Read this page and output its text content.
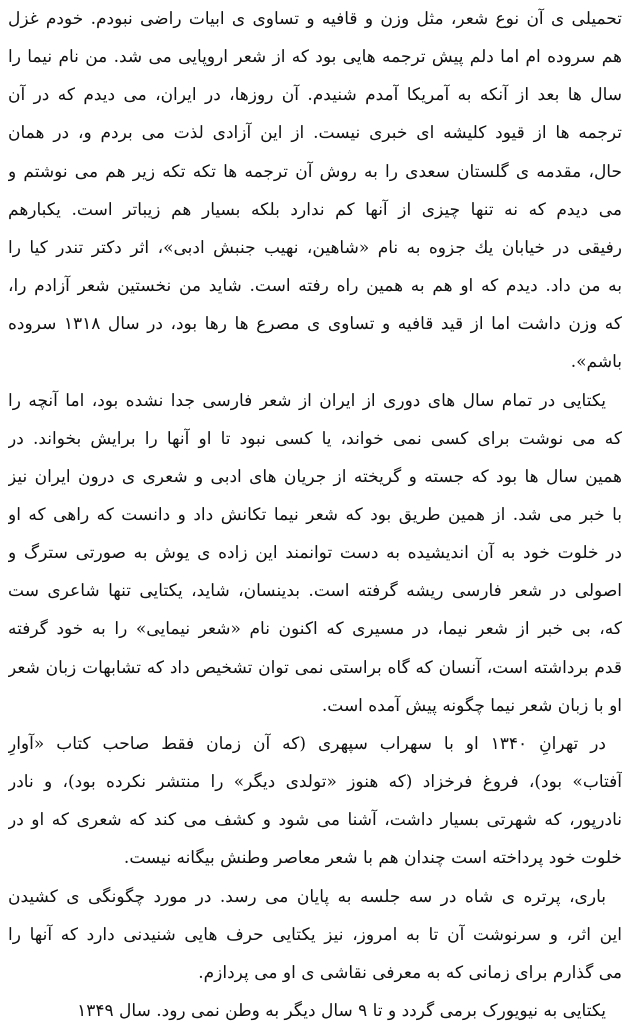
تحمیلی ی آن نوع شعر، مثل وزن و قافیه و تساوی ی ابیات راضی نبودم. خودم غزل
هم سروده ام اما دلم پیش ترجمه هایی بود که از شعر اروپایی می شد. من نام نیما را
سال ها بعد از آنکه به آمریکا آمدم شنیدم. آن روزها، در ایران، می دیدم که در آن
ترجمه ها از قیود کلیشه ای خبری نیست. از این آزادی لذت می بردم و، در همان
حال، مقدمه ی گلستان سعدی را به روش آن ترجمه ها تکه تکه زیر هم می نوشتم و
می دیدم که نه تنها چیزی از آنها کم ندارد بلکه بسیار هم زیباتر است. یکبارهم
رفیقی در خیابان یك جزوه به نام «شاهین، نهیب جنبش ادبی»، اثر دکتر تندر کیا را
به من داد. دیدم که او هم به همین راه رفته است. شاید من نخستین شعر آزادم را،
که وزن داشت اما از قید قافیه و تساوی ی مصرع ها رها بود، در سال ۱۳۱۸ سروده
باشم».
یکتایی در تمام سال های دوری از ایران از شعر فارسی جدا نشده بود، اما آنچه را
که می نوشت برای کسی نمی خواند، یا کسی نبود تا او آنها را برایش بخواند. در
همین سال ها بود که جسته و گریخته از جریان های ادبی و شعری ی درون ایران نیز
با خبر می شد. از همین طریق بود که شعر نیما تکانش داد و دانست که راهی که او
در خلوت خود به آن اندیشیده به دست توانمند این زاده ی یوش به صورتی سترگ و
اصولی در شعر فارسی ریشه گرفته است. بدینسان، شاید، یکتایی تنها شاعری ست
که، بی خبر از شعر نیما، در مسیری که اکنون نام «شعر نیمایی» را به خود گرفته
قدم برداشته است، آنسان که گاه براستی نمی توان تشخیص داد که تشابهات زبان شعر
او با زبان شعر نیما چگونه پیش آمده است.
در تهرانِ ۱۳۴۰ او با سهراب سپهری (که آن زمان فقط صاحب کتاب «آوارِ
آفتاب» بود)، فروغ فرخزاد (که هنوز «تولدی دیگر» را منتشر نکرده بود)، و نادر
نادرپور، که شهرتی بسیار داشت، آشنا می شود و کشف می کند که شعری که او در
خلوت خود پرداخته است چندان هم با شعر معاصر وطنش بیگانه نیست.
باری، پرتره ی شاه در سه جلسه به پایان می رسد. در مورد چگونگی ی کشیدن
این اثر، و سرنوشت آن تا به امروز، نیز یکتایی حرف هایی شنیدنی دارد که آنها را
می گذارم برای زمانی که به معرفی نقاشی ی او می پردازم.
یکتایی به نیویورک برمی گردد و تا ۹ سال دیگر به وطن نمی رود. سال ۱۳۴۹
